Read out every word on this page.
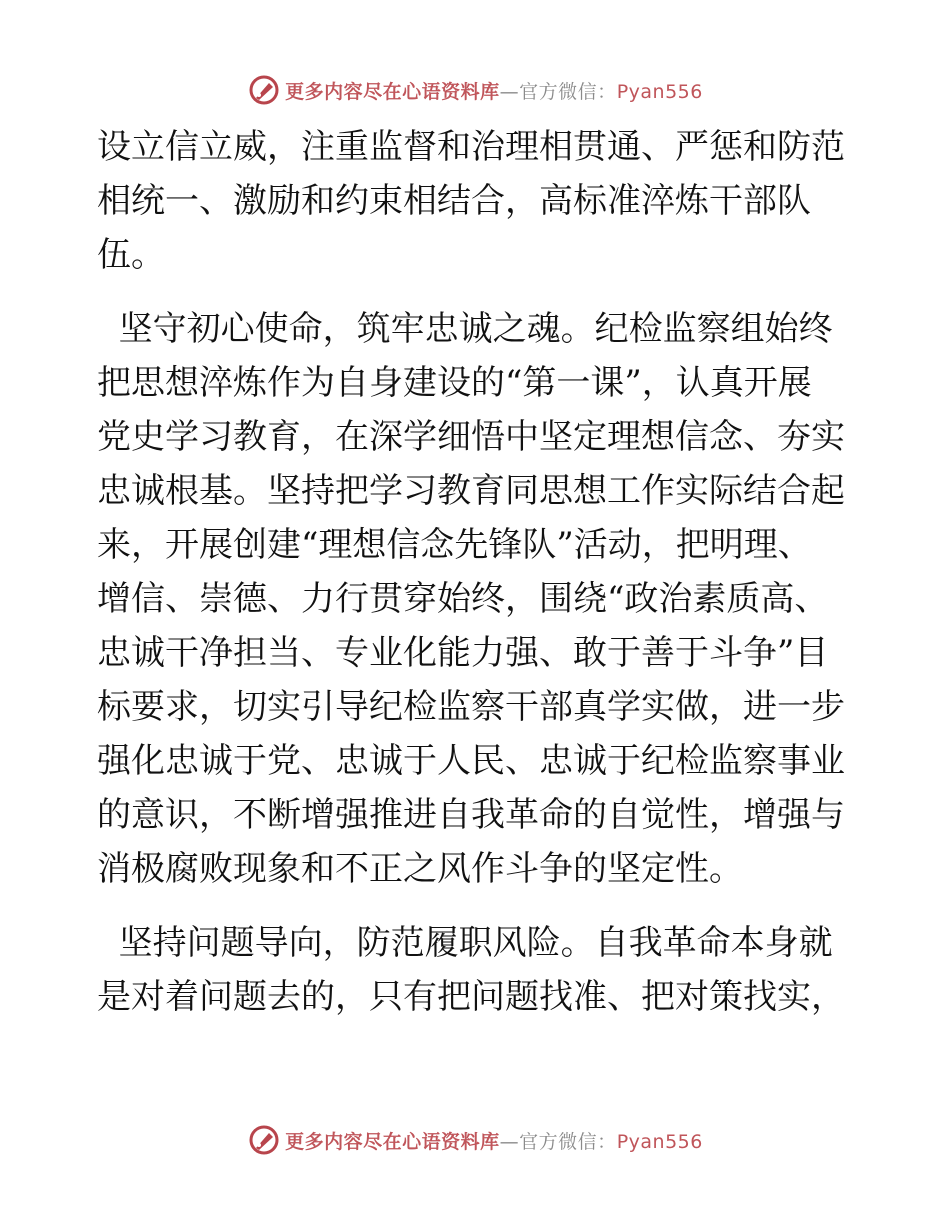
更多内容尽在心语资料库—官方微信：Pyan556

设立信立威，注重监督和治理相贯通、严惩和防范
相统一、激励和约束相结合，高标准淬炼干部队
伍。

坚守初心使命，筑牢忠诚之魂。纪检监察组始终
把思想淬炼作为自身建设的“第一课”，认真开展
党史学习教育，在深学细悟中坚定理想信念、夯实
忠诚根基。坚持把学习教育同思想工作实际结合起
来，开展创建“理想信念先锋队”活动，把明理、
增信、崇德、力行贯穿始终，围绕“政治素质高、
忠诚干净担当、专业化能力强、敢于善于斗争”目
标要求，切实引导纪检监察干部真学实做，进一步
强化忠诚于党、忠诚于人民、忠诚于纪检监察事业
的意识，不断增强推进自我革命的自觉性，增强与
消极腐败现象和不正之风作斗争的坚定性。

坚持问题导向，防范履职风险。自我革命本身就
是对着问题去的，只有把问题找准、把对策找实，

更多内容尽在心语资料库—官方微信：Pyan556
